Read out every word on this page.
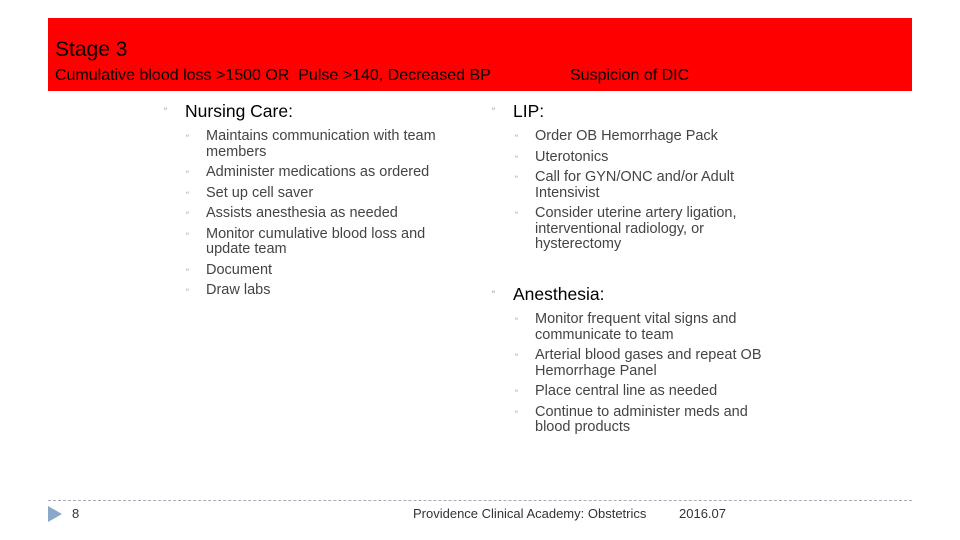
Stage 3
Cumulative blood loss >1500 OR  Pulse >140, Decreased BP	Suspicion of DIC
“ Nursing Care:
“ Maintains communication with team members
“ Administer medications as ordered
“ Set up cell saver
“ Assists anesthesia as needed
“ Monitor cumulative blood loss and update team
“ Document
“ Draw labs
“ LIP:
“ Order OB Hemorrhage Pack
“ Uterotonics
“ Call for GYN/ONC and/or Adult Intensivist
“ Consider uterine artery ligation, interventional radiology, or hysterectomy
“ Anesthesia:
“ Monitor frequent vital signs and communicate to team
“ Arterial blood gases and repeat OB Hemorrhage Panel
“ Place central line as needed
“ Continue to administer meds and blood products
8	Providence Clinical Academy: Obstetrics	2016.07
